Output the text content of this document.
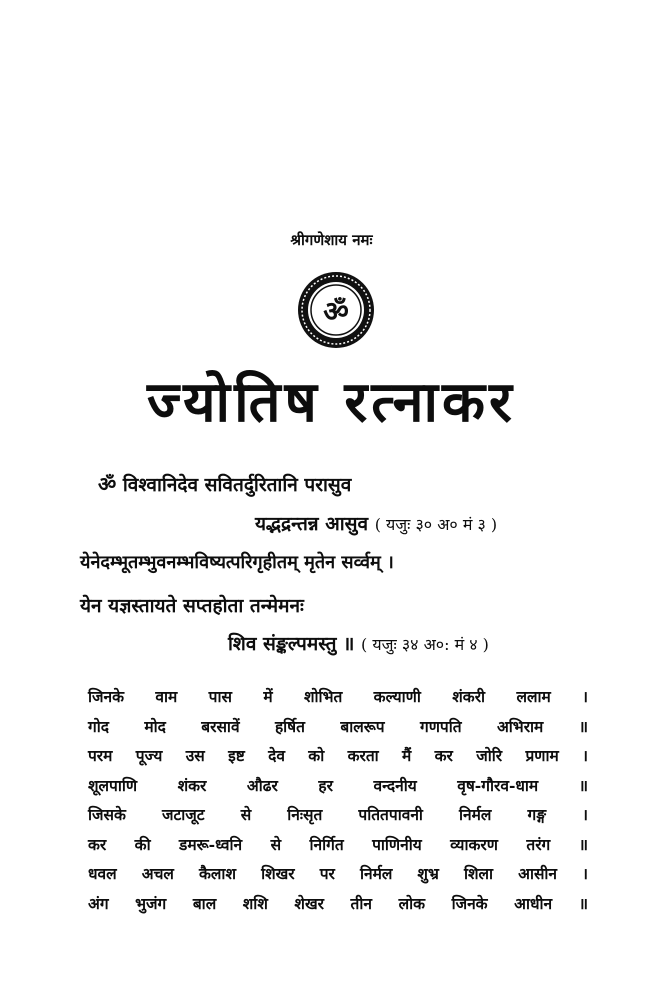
श्रीगणेशाय नमः
ॐ
ज्योतिष रत्नाकर
ॐ विश्वानिदेव सवितर्दुरितानि परासुव
यद्भद्रन्तन्न आसुव ( यजुः ३० अ० मं ३ )
येनेदम्भूतम्भुवनम्भविष्यत्परिगृहीतम् मृतेन सर्व्वम् ।
येन यज्ञस्तायते सप्तहोता तन्मेमनः
शिव संङ्कल्पमस्तु ॥ ( यजुः ३४ अ०: मं ४ )
जिनके वाम पास में शोभित कल्याणी शंकरी ललाम ।
गोद मोद बरसावें हर्षित बालरूप गणपति अभिराम ॥
परम पूज्य उस इष्ट देव को करता मैं कर जोरि प्रणाम ।
शूलपाणि शंकर औढर हर वन्दनीय वृष-गौरव-धाम ॥
जिसके जटाजूट से निःसृत पतितपावनी निर्मल गङ्ग ।
कर की डमरू-ध्वनि से निर्गित पाणिनीय व्याकरण तरंग ॥
धवल अचल कैलाश शिखर पर निर्मल शुभ्र शिला आसीन ।
अंग भुजंग बाल शशि शेखर तीन लोक जिनके आधीन ॥
